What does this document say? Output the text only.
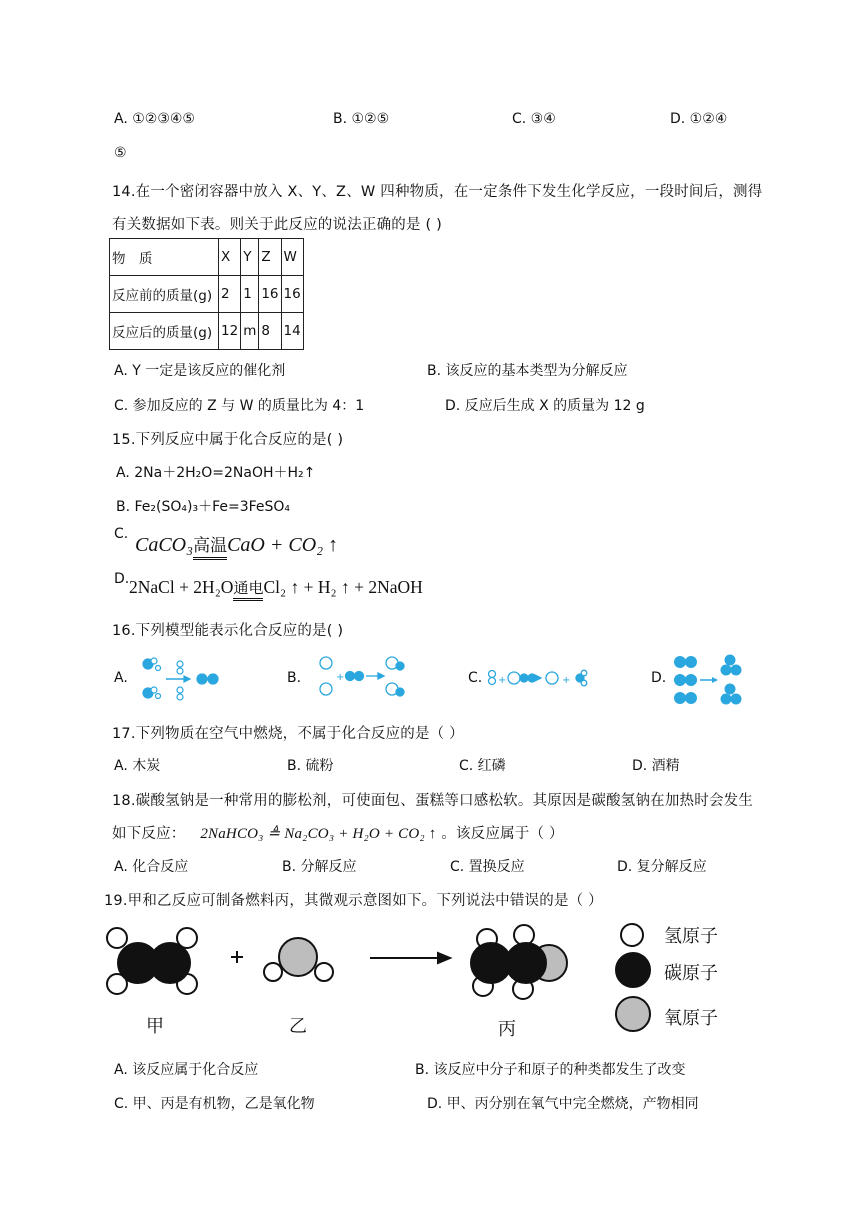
A. ①②③④⑤	B. ①②⑤	C. ③④	D. ①②④
⑤
14.在一个密闭容器中放入 X、Y、Z、W 四种物质，在一定条件下发生化学反应，一段时间后，测得
有关数据如下表。则关于此反应的说法正确的是 ( )
物　质	X	Y	Z	W
反应前的质量(g)	2	1	16	16
反应后的质量(g)	12	m	8	14
A. Y 一定是该反应的催化剂	B. 该反应的基本类型为分解反应
C. 参加反应的 Z 与 W 的质量比为 4：1	D. 反应后生成 X 的质量为 12 g
15.下列反应中属于化合反应的是( )
A. 2Na＋2H₂O=2NaOH＋H₂↑
B. Fe₂(SO₄)₃＋Fe=3FeSO₄
C. CaCO₃高温CaO + CO₂ ↑
D. 2NaCl + 2H₂O通电Cl₂ ↑ + H₂ ↑ + 2NaOH
16.下列模型能表示化合反应的是( )
A.	B.	C.	D.
+	+	+
17.下列物质在空气中燃烧，不属于化合反应的是（ ）
A. 木炭	B. 硫粉	C. 红磷	D. 酒精
18.碳酸氢钠是一种常用的膨松剂，可使面包、蛋糕等口感松软。其原因是碳酸氢钠在加热时会发生
如下反应： 2NaHCO₃ ≜ Na₂CO₃ + H₂O + CO₂ ↑ 。该反应属于（ ）
A. 化合反应	B. 分解反应	C. 置换反应	D. 复分解反应
19.甲和乙反应可制备燃料丙，其微观示意图如下。下列说法中错误的是（ ）
氢原子
碳原子
氧原子
甲	乙	丙
A. 该反应属于化合反应	B. 该反应中分子和原子的种类都发生了改变
C. 甲、丙是有机物，乙是氧化物	D. 甲、丙分别在氧气中完全燃烧，产物相同
